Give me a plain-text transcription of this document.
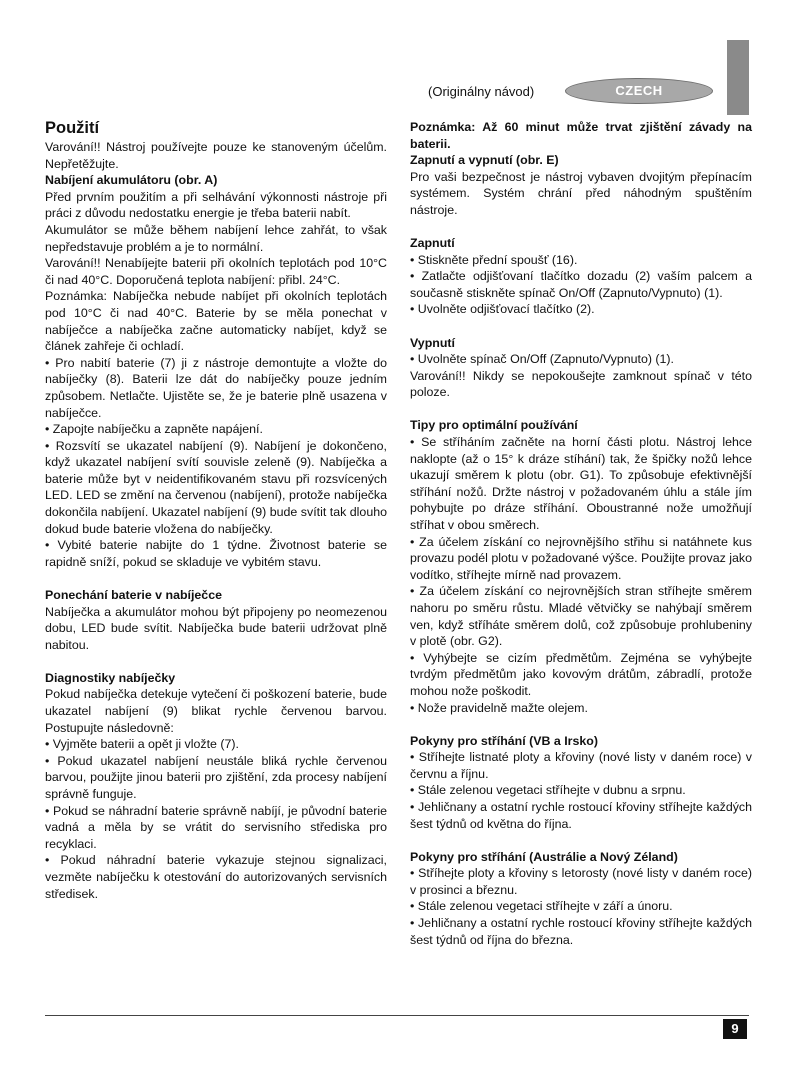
(Originálny návod)	CZECH

Použití

Varování!! Nástroj používejte pouze ke stanoveným účelům. Nepřetěžujte.

Nabíjení akumulátoru (obr. A)

Před prvním použitím a při selhávání výkonnosti nástroje při práci z důvodu nedostatku energie je třeba baterii nabít.

Akumulátor se může během nabíjení lehce zahřát, to však nepředstavuje problém a je to normální.

Varování!! Nenabíjejte baterii při okolních teplotách pod 10°C či nad 40°C. Doporučená teplota nabíjení: přibl. 24°C.

Poznámka: Nabíječka nebude nabíjet při okolních teplotách pod 10°C či nad 40°C. Baterie by se měla ponechat v nabíječce a nabíječka začne automaticky nabíjet, když se článek zahřeje či ochladí.

• Pro nabití baterie (7) ji z nástroje demontujte a vložte do nabíječky (8). Baterii lze dát do nabíječky pouze jedním způsobem. Netlačte. Ujistěte se, že je baterie plně usazena v nabíječce.

• Zapojte nabíječku a zapněte napájení.

• Rozsvítí se ukazatel nabíjení (9). Nabíjení je dokončeno, když ukazatel nabíjení svítí souvisle zeleně (9). Nabíječka a baterie může byt v neidentifikovaném stavu při rozsvícených LED. LED se změní na červenou (nabíjení), protože nabíječka dokončila nabíjení. Ukazatel nabíjení (9) bude svítit tak dlouho dokud bude baterie vložena do nabíječky.

• Vybité baterie nabijte do 1 týdne. Životnost baterie se rapidně sníží, pokud se skladuje ve vybitém stavu.

Ponechání baterie v nabíječce

Nabíječka a akumulátor mohou být připojeny po neomezenou dobu, LED bude svítit. Nabíječka bude baterii udržovat plně nabitou.

Diagnostiky nabíječky

Pokud nabíječka detekuje vytečení či poškození baterie, bude ukazatel nabíjení (9) blikat rychle červenou barvou. Postupujte následovně:

• Vyjměte baterii a opět ji vložte (7).

• Pokud ukazatel nabíjení neustále bliká rychle červenou barvou, použijte jinou baterii pro zjištění, zda procesy nabíjení správně funguje.

• Pokud se náhradní baterie správně nabíjí, je původní baterie vadná a měla by se vrátit do servisního střediska pro recyklaci.

• Pokud náhradní baterie vykazuje stejnou signalizaci, vezměte nabíječku k otestování do autorizovaných servisních středisek.

Poznámka: Až 60 minut může trvat zjištění závady na baterii.

Zapnutí a vypnutí (obr. E)

Pro vaši bezpečnost je nástroj vybaven dvojitým přepínacím systémem. Systém chrání před náhodným spuštěním nástroje.

Zapnutí

• Stiskněte přední spoušť (16).

• Zatlačte odjišťovaní tlačítko dozadu (2) vaším palcem a současně stiskněte spínač On/Off (Zapnuto/Vypnuto) (1).

• Uvolněte odjišťovací tlačítko (2).

Vypnutí

• Uvolněte spínač On/Off (Zapnuto/Vypnuto) (1).

Varování!! Nikdy se nepokoušejte zamknout spínač v této poloze.

Tipy pro optimální používání

• Se stříháním začněte na horní části plotu. Nástroj lehce naklopte (až o 15° k dráze stíhání) tak, že špičky nožů lehce ukazují směrem k plotu (obr. G1). To způsobuje efektivnější stříhání nožů. Držte nástroj v požadovaném úhlu a stále jím pohybujte po dráze stříhání. Oboustranné nože umožňují stříhat v obou směrech.

• Za účelem získání co nejrovnějšího střihu si natáhnete kus provazu podél plotu v požadované výšce. Použijte provaz jako vodítko, stříhejte mírně nad provazem.

• Za účelem získání co nejrovnějších stran stříhejte směrem nahoru po směru růstu. Mladé větvičky se nahýbají směrem ven, když stříháte směrem dolů, což způsobuje prohlubeniny v plotě (obr. G2).

• Vyhýbejte se cizím předmětům. Zejména se vyhýbejte tvrdým předmětům jako kovovým drátům, zábradlí, protože mohou nože poškodit.

• Nože pravidelně mažte olejem.

Pokyny pro stříhání (VB a Irsko)

• Stříhejte listnaté ploty a křoviny (nové listy v daném roce) v červnu a říjnu.

• Stále zelenou vegetaci stříhejte v dubnu a srpnu.

• Jehličnany a ostatní rychle rostoucí křoviny stříhejte každých šest týdnů od května do října.

Pokyny pro stříhání (Austrálie a Nový Zéland)

• Stříhejte ploty a křoviny s letorosty (nové listy v daném roce) v prosinci a březnu.

• Stále zelenou vegetaci stříhejte v září a únoru.

• Jehličnany a ostatní rychle rostoucí křoviny stříhejte každých šest týdnů od října do března.

9
